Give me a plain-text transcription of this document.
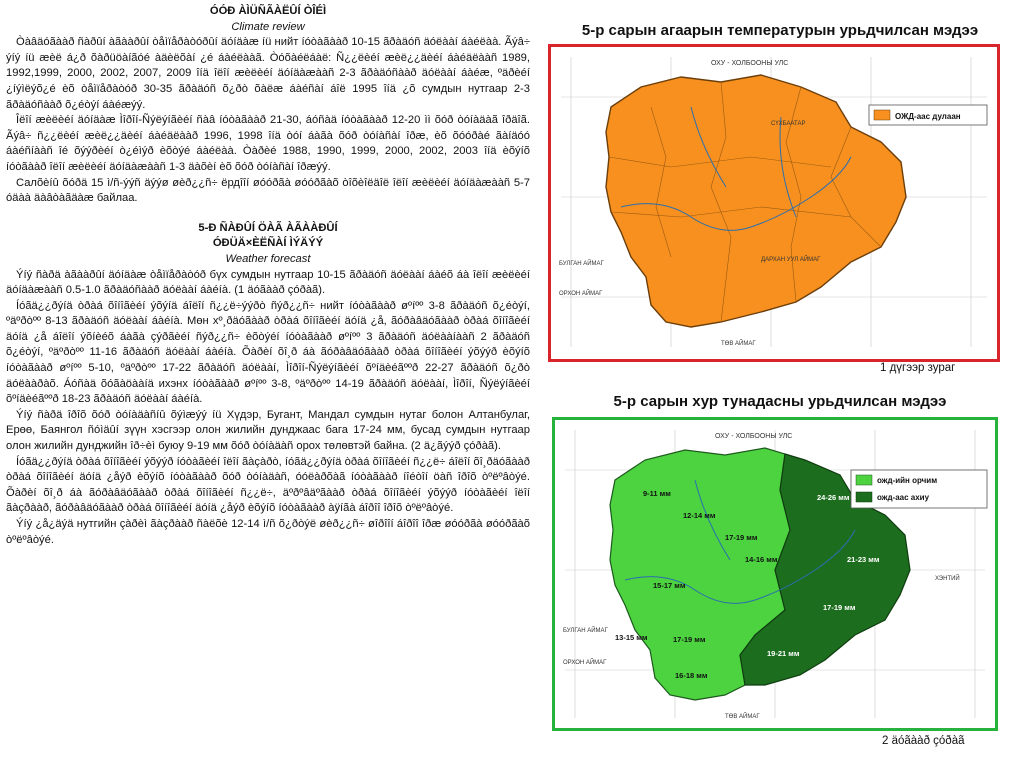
ÓÓÐ ÀÌÜÑÃÀËÛÍ ÒÎÉÌ
Climate review

Òàâäóãààð ñàðûí àãààðûí òåìïåðàòóðûí äóíäàæ íü нийт íóòàãààð 10-15 ãðàäóñ äóëààí áàéëàà. Ãýâ÷ ýíý íü æèë á¿ð õàðüöàíãóé àäèëõàí ¿é áàéëààã. Òóõàéëáàë: Ñ¿¿ëèéí æèë¿¿äèéí áàéäëààñ 1989, 1992,1999, 2000, 2002, 2007, 2009 îíä îëîí æèëèéí äóíäàæààñ 2-3 ãðàäóñààð äóëààí áàéæ, ºäðèéí ¿íýìëýõ¿é èõ òåìïåðàòóð 30-35 ãðàäóñ õ¿ðò õàëæ áàéñàí áîë 1995 îíä ¿õ сумдын нутгаар 2-3 ãðàäóñààð õ¿éòýí áàéæýý.

Îëîí æèëèéí äóíäàæ Ìîðîí-Ñýëýíãèéí ñàâ íóòàãààð 21-30, áóñàä íóòàãààð 12-20 ìì õóð òóíàäàã îðäîã. Ãýâ÷ ñ¿¿ëèéí æèë¿¿äèéí áàéäëààð 1996, 1998 îíä òóí áàãà õóð òóíàñàí îðæ, èõ õóóðàé ãàíäóó áàéñíààñ îé õýýðèéí ò¿éìýð èõòýé áàéëàà. Òàðèé 1988, 1990, 1999, 2000, 2002, 2003 îíä èõýíõ íóòãààð îëîí æèëèéí äóíäàæààñ 1-3 äàõèí èõ õóð òóíàñàí îðæýý.

Салõèíû õóðä 15 ì/ñ-ýýñ äýýø øèð¿¿ñ÷ ёрдîîí øóóðãà øóóðãàõ òîõèîëäîë îëîí æèëèéí äóíäàæààñ 5-7 óäàà äàâòàãäàæ байлаа.

5-Ð ÑÀÐÛÍ ÖÀÃ ÀÃÀÀÐÛÍ
ÓÐÜÄ×ÈËÑÀÍ ÌÝÄÝÝ
Weather forecast

Ýíý ñàðä àãààðûí äóíäàæ òåìïåðàòóð бүх сумдын нутгаар 10-15 ãðàäóñ äóëààí áàéõ áà îëîí æèëèéí äóíäàæààñ 0.5-1.0 ãðàäóñààð äóëààí áàéíà. (1 äóãààð çóðàã).

Íóãä¿¿ðýíä òðàá õîíîãèéí ýõýíä áîëîí ñ¿¿ë÷ýýðò ñýð¿¿ñ÷ нийт íóòàãààð øºíºº 3-8 ãðàäóñ õ¿éòýí, ºäºðòºº 8-13 ãðàäóñ äóëààí áàéíà. Мөн хº¸ðäóãààð òðàá õîíîãèéí äóíä ¿å, ãóðàâäóãààð òðàá õîíîãèéí äóíä ¿å áîëîí ýõíèéõ áàãà çýðãèéí ñýð¿¿ñ÷ èõòýéí íóòàãààð øºíºº 3 ãðàäóñ äóëààíààñ 2 ãðàäóñ õ¿éòýí, ºäºðòºº 11-16 ãðàäóñ äóëààí áàéíà. Õàðèí õî¸ð áà ãóðàâäóãààð òðàá õîíîãèéí ýõýýð èõýíõ íóòàãààð øºíºº 5-10, ºäºðòºº 17-22 ãðàäóñ äóëààí, Ìîðîí-Ñýëýíãèéí õºíäèéãººð 22-27 ãðàäóñ õ¿ðò äóëààðàõ. Áóñàä õóãàöààíä ихэнх íóòàãààð øºíºº 3-8, ºäºðòºº 14-19 ãðàäóñ äóëààí, Ìîðîí, Ñýëýíãèéí õºíäèéãººð 18-23 ãðàäóñ äóëààí áàéíà.

Ýíý ñàðä îðîõ õóð òóíàäàñíû õýìæýý íü Хүдэр, Бугант, Мандал сумдын нутаг болон Алтанбулаг, Ерөө, Баянгол ñóìäûí зүүн хэсгээр олон жилийн дунджаас бага 17-24 мм, бусад сумдын нутгаар олон жилийн дунджийн îð÷èì буюу 9-19 мм õóð òóíàäàñ орох төлөвтэй байна. (2 ä¿ãýýð çóðàã).

Íóãä¿¿ðýíä òðàá õîíîãèéí ýõýýð íóòàãèéí îëîí ãàçàðò, íóãä¿¿ðýíä òðàá õîíîãèéí ñ¿¿ë÷ áîëîí õî¸ðäóãààð òðàá õîíîãèéí äóíä ¿åýð èõýíõ íóòàãààð õóð òóíàäàñ, óóëàðõàã íóòàãààð íîéòîí öàñ îðîõ òºëºâòýé. Õàðèí õî¸ð áà ãóðàâäóãààð òðàá õîíîãèéí ñ¿¿ë÷, äºðºâäºãààð òðàá õîíîãèéí ýõýýð íóòàãèéí îëîí ãàçðààð, ãóðàâäóãààð òðàá õîíîãèéí äóíä ¿åýð èõýíõ íóòàãààð àÿíãà áîðîî îðîõ òºëºâòýé.

Ýíý ¿å¿äýä нутгийн çàðèì ãàçðààð ñàëõè 12-14 ì/ñ õ¿ðòýë øèð¿¿ñ÷ øîðîîí áîðîî îðæ øóóðãà øóóðãàõ òºëºâòýé.

5-р сарын агаарын температурын урьдчилсан мэдээ
ОХУ - ХОЛБООНЫ УЛС
СҮХБААТАР
ДАРХАН УУЛ АЙМАГ
БУЛГАН АЙМАГ
ОРХОН АЙМАГ
ТӨВ АЙМАГ
ОЖД-аас дулаан
1 дүгээр зураг
5-р сарын хур тунадасны урьдчилсан мэдээ
ОХУ - ХОЛБООНЫ УЛС
ХЭНТИЙ
БУЛГАН АЙМАГ
ОРХОН АЙМАГ
ТӨВ АЙМАГ
9-11 мм
12-14 мм
17-19 мм
14-16 мм
15-17 мм
13-15 мм	17-19 мм
16-18 мм
24-26 мм
21-23 мм
17-19 мм
19-21 мм
ожд-ийн орчим
ожд-аас ахиу
2 äóãààð çóðàã
